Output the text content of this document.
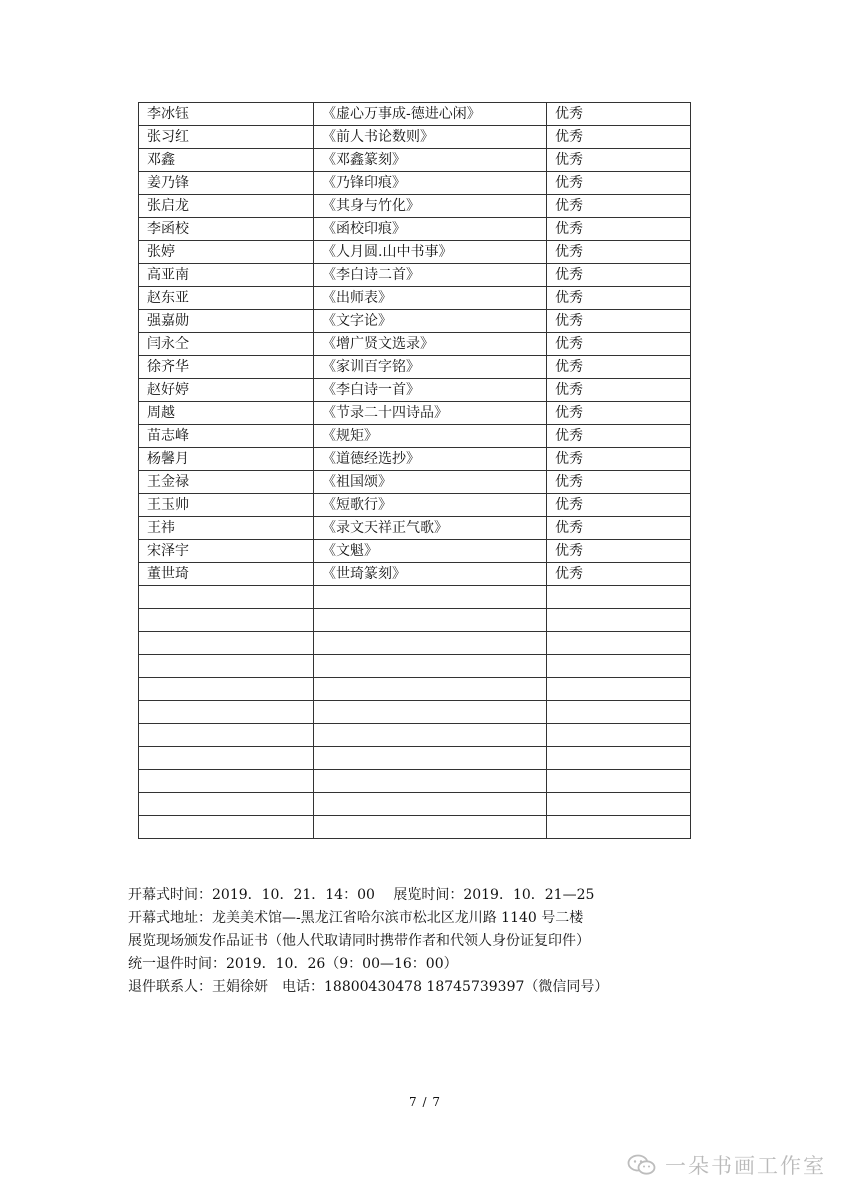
李冰钰	《虚心万事成-德进心闲》	优秀
张习红	《前人书论数则》	优秀
邓鑫	《邓鑫篆刻》	优秀
姜乃锋	《乃锋印痕》	优秀
张启龙	《其身与竹化》	优秀
李函校	《函校印痕》	优秀
张婷	《人月圆.山中书事》	优秀
高亚南	《李白诗二首》	优秀
赵东亚	《出师表》	优秀
强嘉勋	《文字论》	优秀
闫永仝	《增广贤文选录》	优秀
徐齐华	《家训百字铭》	优秀
赵好婷	《李白诗一首》	优秀
周越	《节录二十四诗品》	优秀
苗志峰	《规矩》	优秀
杨馨月	《道德经选抄》	优秀
王金禄	《祖国颂》	优秀
王玉帅	《短歌行》	优秀
王祎	《录文天祥正气歌》	优秀
宋泽宇	《文魁》	优秀
董世琦	《世琦篆刻》	优秀

开幕式时间：2019．10．21．14：00　 展览时间：2019．10．21—25
开幕式地址：龙美美术馆—-黑龙江省哈尔滨市松北区龙川路 1140 号二楼
展览现场颁发作品证书（他人代取请同时携带作者和代领人身份证复印件）
统一退件时间：2019．10．26（9：00—16：00）
退件联系人：王娟徐妍　电话：18800430478 18745739397（微信同号）
7 / 7
一朵书画工作室
